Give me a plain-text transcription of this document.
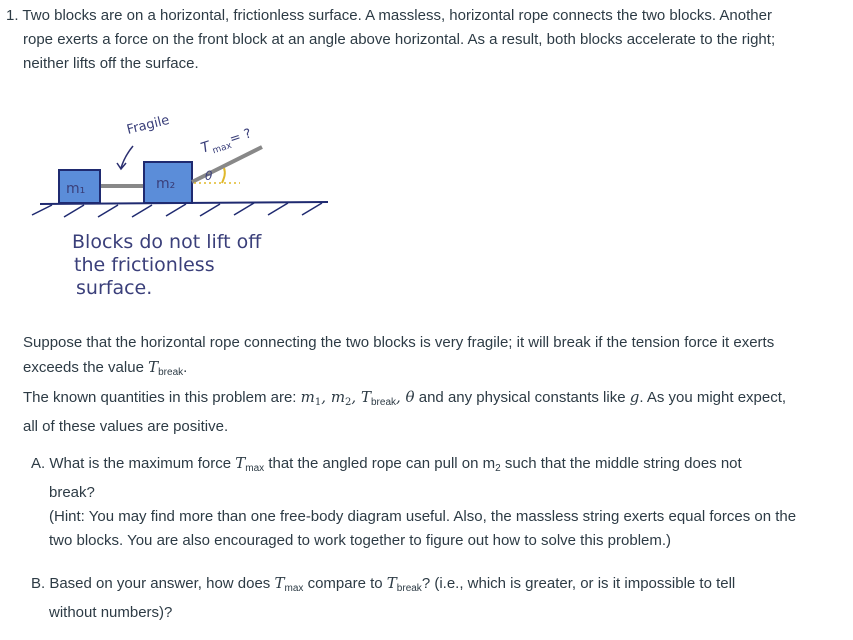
1. Two blocks are on a horizontal, frictionless surface. A massless, horizontal rope connects the two blocks. Another

rope exerts a force on the front block at an angle above horizontal. As a result, both blocks accelerate to the right;

neither lifts off the surface.

Fragile
T max
= ?
m₁	m₂ θ
Blocks do not lift off
the frictionless
surface.
Suppose that the horizontal rope connecting the two blocks is very fragile; it will break if the tension force it exerts
exceeds the value $T_{break}$.
The known quantities in this problem are: $m_1$, $m_2$, $T_{break}$, θ and any physical constants like g. As you might expect,
all of these values are positive.
A. What is the maximum force $T_{max}$ that the angled rope can pull on $m_2$ such that the middle string does not
break?
(Hint: You may find more than one free-body diagram useful. Also, the massless string exerts equal forces on the
two blocks. You are also encouraged to work together to figure out how to solve this problem.)
B. Based on your answer, how does $T_{max}$ compare to $T_{break}$? (i.e., which is greater, or is it impossible to tell
without numbers)?
